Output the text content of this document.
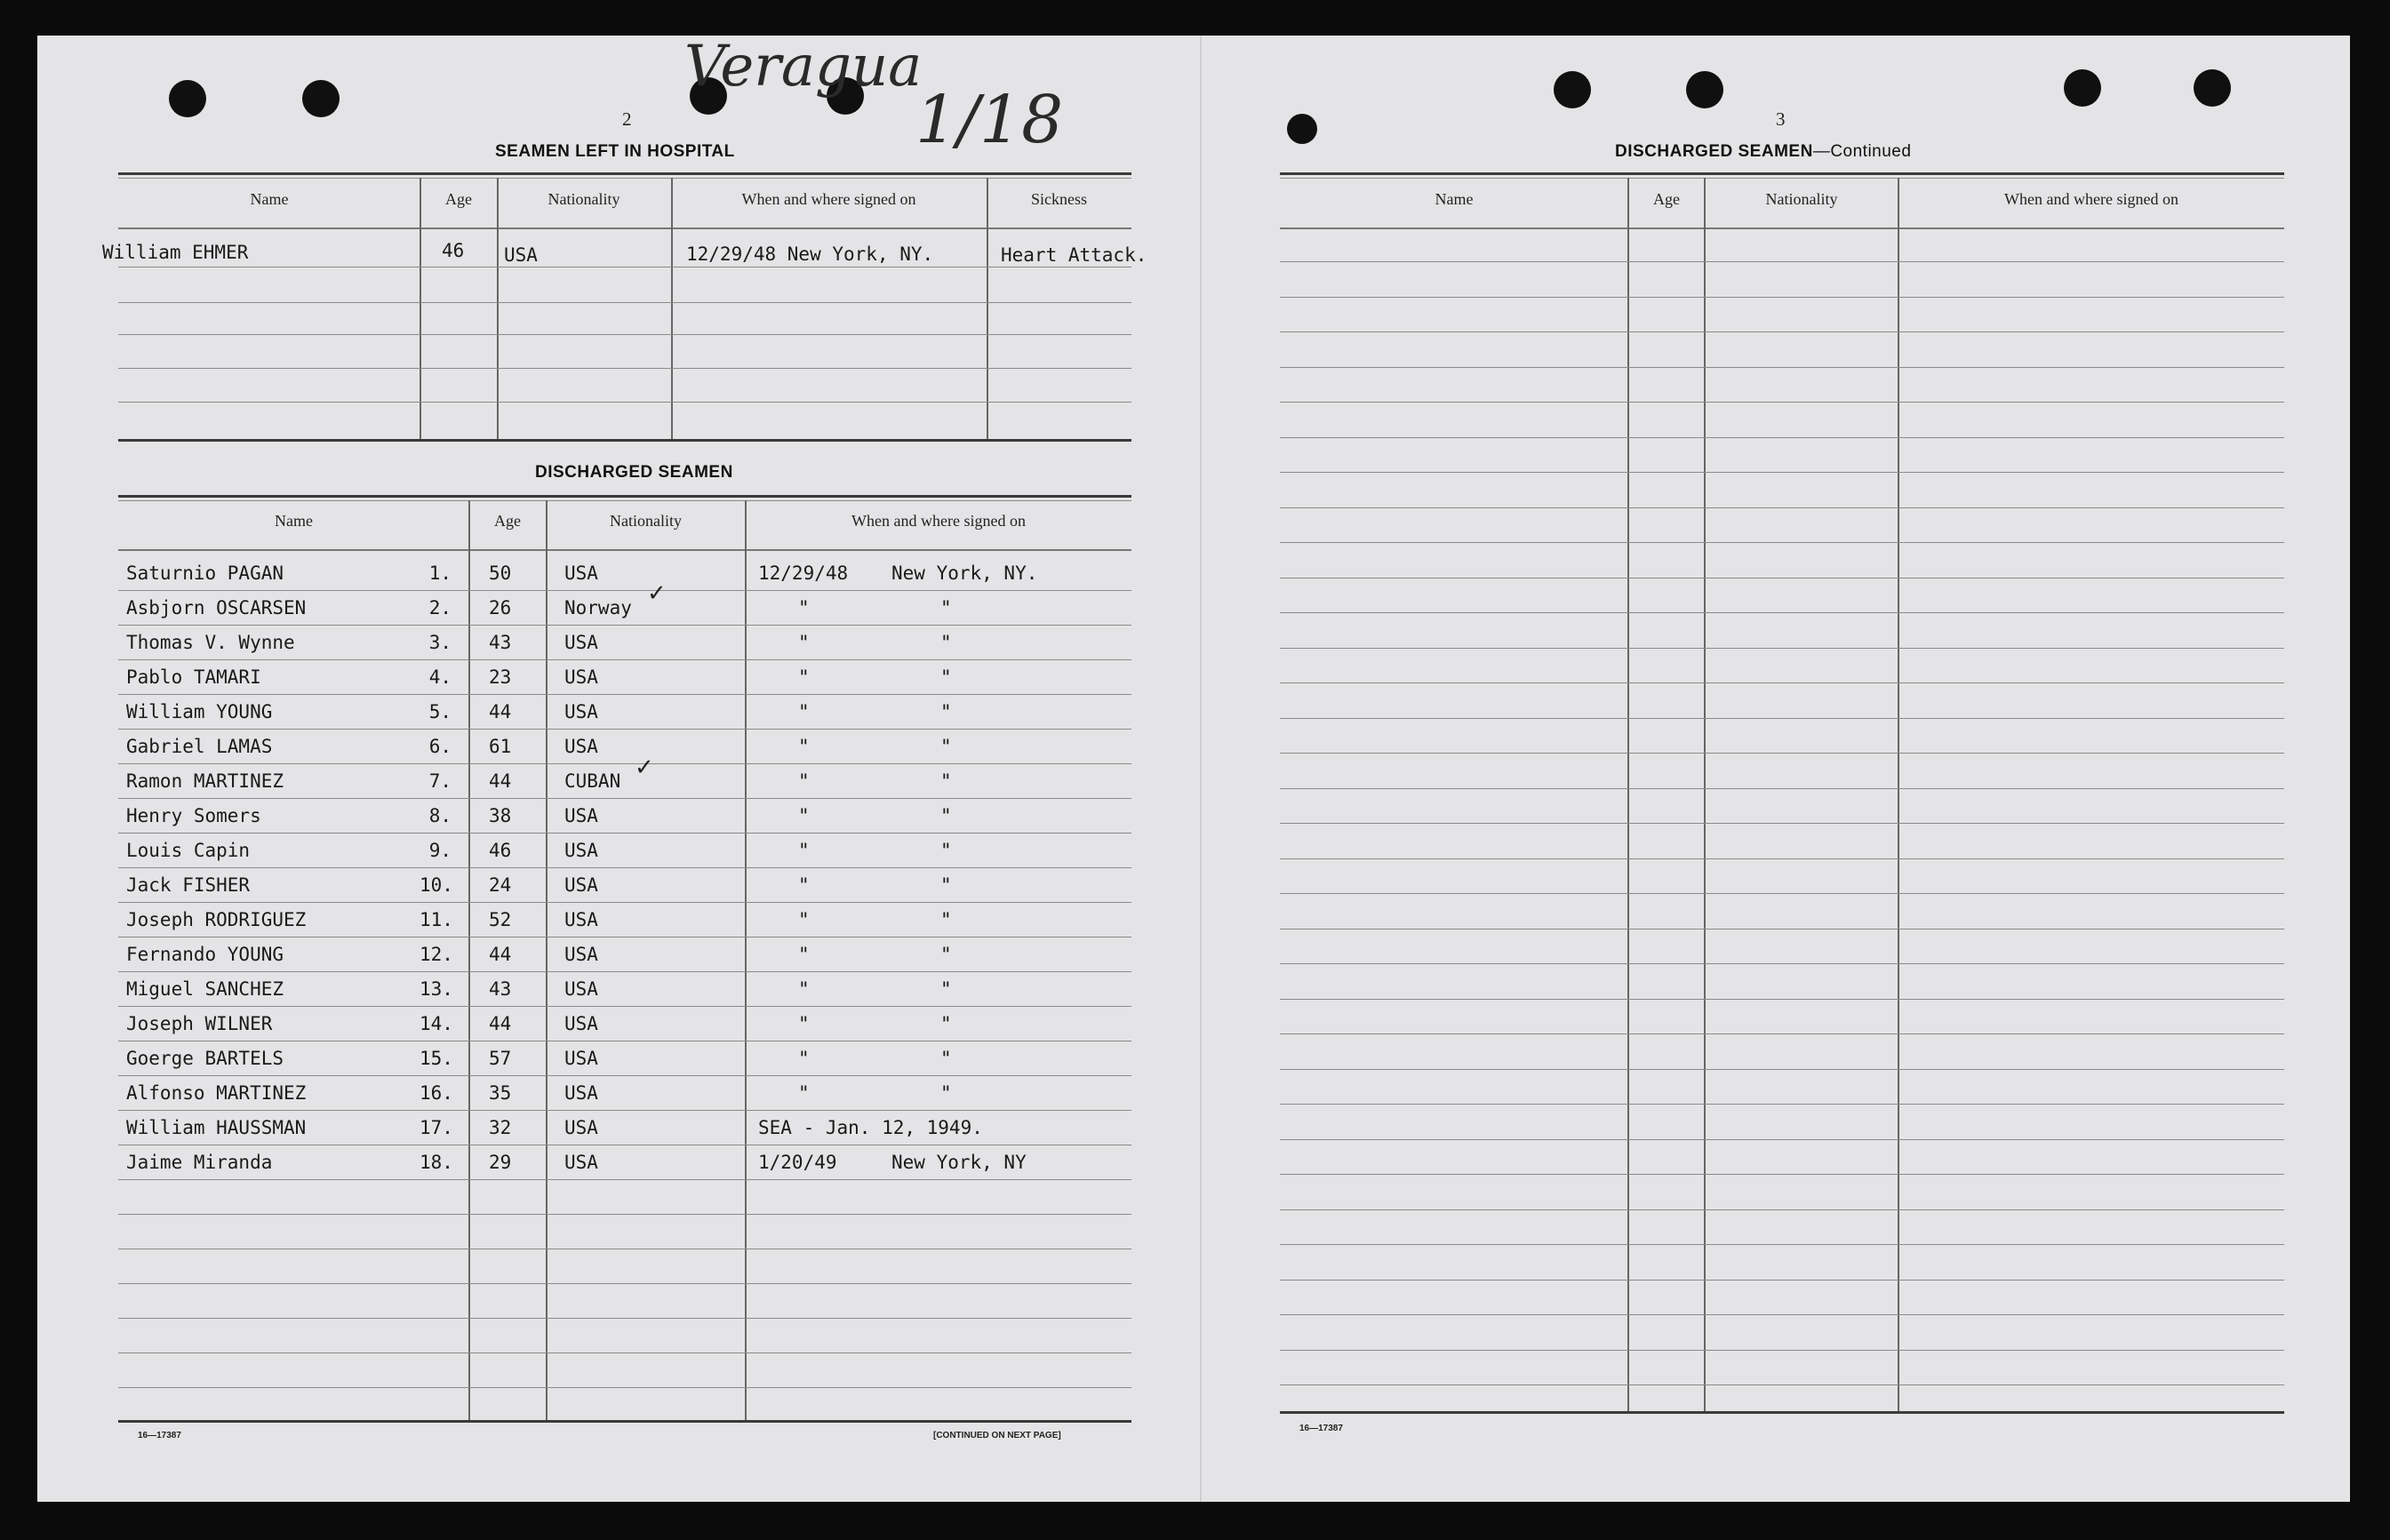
Veragua
1/18
2
SEAMEN LEFT IN HOSPITAL
Name	Age	Nationality	When and where signed on	Sickness
William EHMER	46 USA	12/29/48 New York, NY.	Heart Attack.
DISCHARGED SEAMEN
Name	Age	Nationality	When and where signed on
Saturnio PAGAN	1. 50	USA	12/29/48 New York, NY.
Asbjorn OSCARSEN	2. 26	Norway	"	"
Thomas V. Wynne	3. 43	USA	"	"
Pablo TAMARI	4. 23	USA	"	"
William YOUNG	5. 44	USA	"	"
Gabriel LAMAS	6. 61	USA	"	"
Ramon MARTINEZ	7. 44	CUBAN	"	"
Henry Somers	8. 38	USA	"	"
Louis Capin	9. 46	USA	"	"
Jack FISHER	10. 24	USA	"	"
Joseph RODRIGUEZ	11. 52	USA	"	"
Fernando YOUNG	12. 44	USA	"	"
Miguel SANCHEZ	13. 43	USA	"	"
Joseph WILNER	14. 44	USA	"	"
Goerge BARTELS	15. 57	USA	"	"
Alfonso MARTINEZ	16. 35	USA	"	"
William HAUSSMAN	17. 32	USA	SEA - Jan. 12, 1949.
Jaime Miranda	18. 29	USA	1/20/49	New York, NY
16—17387	[CONTINUED ON NEXT PAGE]
✓
✓
3
DISCHARGED SEAMEN—Continued
Name	Age	Nationality	When and where signed on
16—17387
